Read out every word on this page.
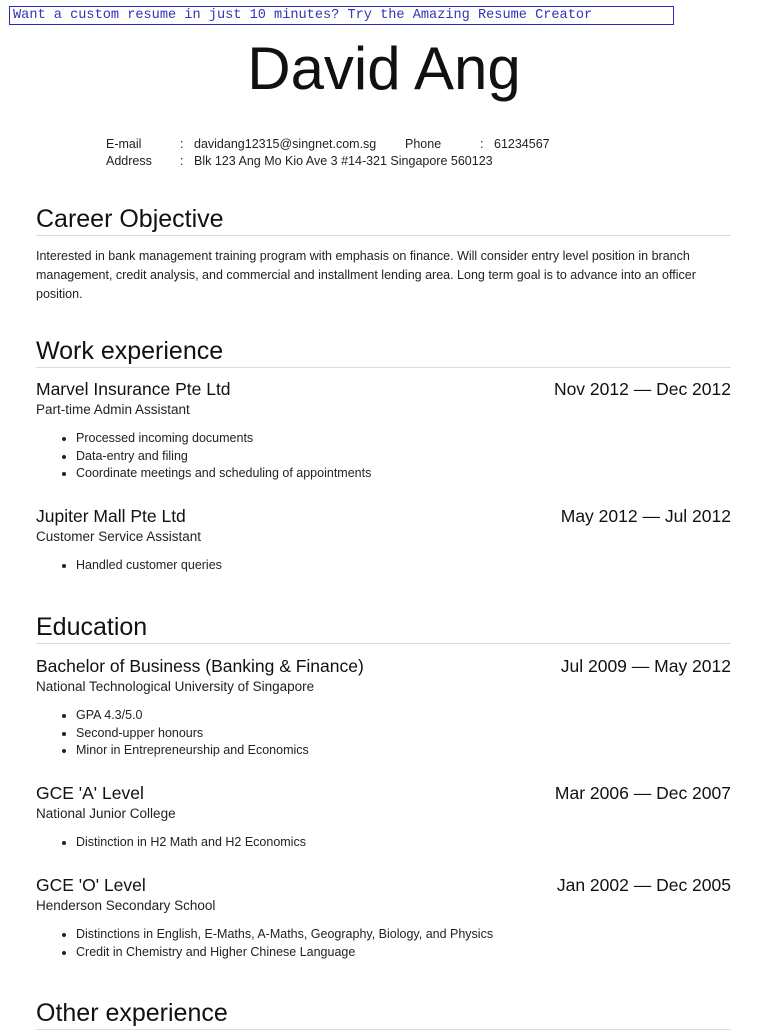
Want a custom resume in just 10 minutes? Try the Amazing Resume Creator
David Ang
E-mail	: davidang12315@singnet.com.sg	Phone	: 61234567
Address	: Blk 123 Ang Mo Kio Ave 3 #14-321 Singapore 560123
Career Objective
Interested in bank management training program with emphasis on finance. Will consider entry level position in branch management, credit analysis, and commercial and installment lending area. Long term goal is to advance into an officer position.
Work experience
Marvel Insurance Pte Ltd	Nov 2012 — Dec 2012
Part-time Admin Assistant
• Processed incoming documents
• Data-entry and filing
• Coordinate meetings and scheduling of appointments
Jupiter Mall Pte Ltd	May 2012 — Jul 2012
Customer Service Assistant
• Handled customer queries
Education
Bachelor of Business (Banking & Finance)	Jul 2009 — May 2012
National Technological University of Singapore
• GPA 4.3/5.0
• Second-upper honours
• Minor in Entrepreneurship and Economics
GCE 'A' Level	Mar 2006 — Dec 2007
National Junior College
• Distinction in H2 Math and H2 Economics
GCE 'O' Level	Jan 2002 — Dec 2005
Henderson Secondary School
• Distinctions in English, E-Maths, A-Maths, Geography, Biology, and Physics
• Credit in Chemistry and Higher Chinese Language
Other experience
